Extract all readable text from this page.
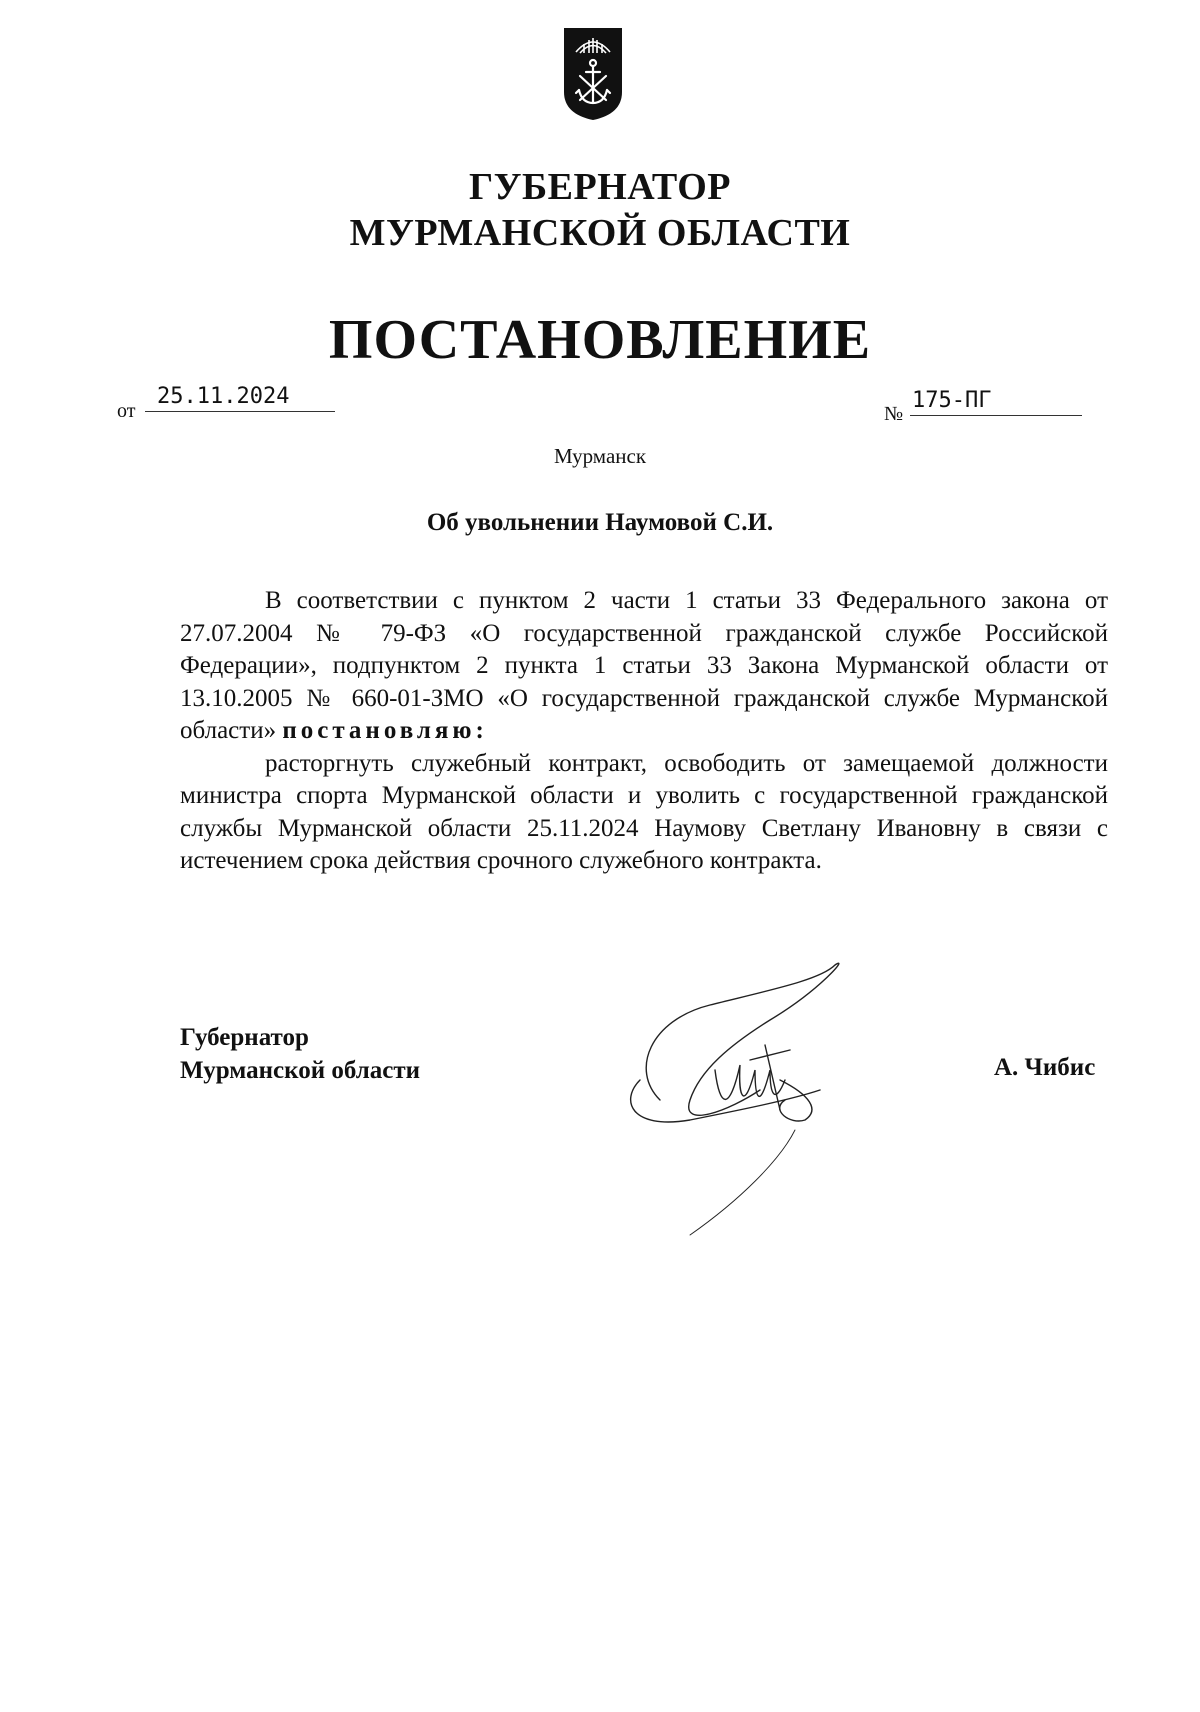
ГУБЕРНАТОР
МУРМАНСКОЙ ОБЛАСТИ
ПОСТАНОВЛЕНИЕ
от
25.11.2024
№
175-ПГ
Мурманск
Об увольнении Наумовой С.И.

В соответствии с пунктом 2 части 1 статьи 33 Федерального закона от 27.07.2004 № 79-ФЗ «О государственной гражданской службе Российской Федерации», подпунктом 2 пункта 1 статьи 33 Закона Мурманской области от 13.10.2005 № 660-01-ЗМО «О государственной гражданской службе Мурманской области» постановляю:

расторгнуть служебный контракт, освободить от замещаемой должности министра спорта Мурманской области и уволить с государственной гражданской службы Мурманской области 25.11.2024 Наумову Светлану Ивановну в связи с истечением срока действия срочного служебного контракта.

Губернатор
Мурманской области	А. Чибис
